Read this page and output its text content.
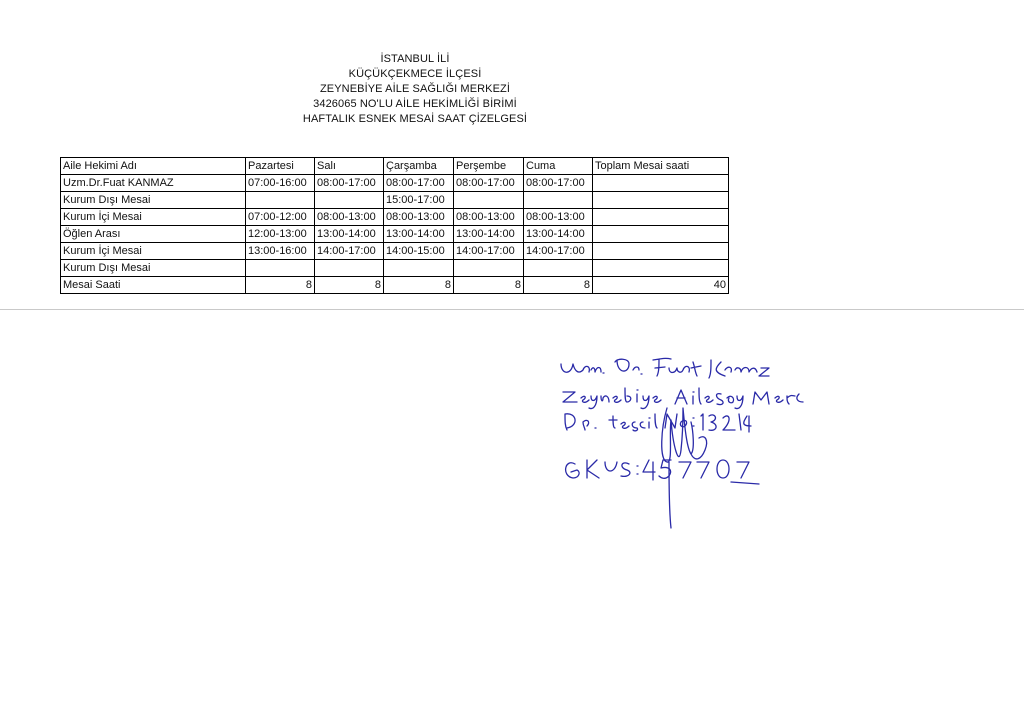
İSTANBUL İLİ
KÜÇÜKÇEKMECE İLÇESİ
ZEYNEBİYE AİLE SAĞLIĞI MERKEZİ
3426065 NO'LU AİLE HEKİMLİĞİ BİRİMİ
HAFTALIK ESNEK MESAİ SAAT ÇİZELGESİ
Aile Hekimi Adı	Pazartesi	Salı	Çarşamba	Perşembe	Cuma	Toplam Mesai saati
Uzm.Dr.Fuat KANMAZ	07:00-16:00	08:00-17:00	08:00-17:00	08:00-17:00	08:00-17:00	
Kurum Dışı Mesai			15:00-17:00			
Kurum İçi Mesai	07:00-12:00	08:00-13:00	08:00-13:00	08:00-13:00	08:00-13:00	
Öğlen Arası	12:00-13:00	13:00-14:00	13:00-14:00	13:00-14:00	13:00-14:00	
Kurum İçi Mesai	13:00-16:00	14:00-17:00	14:00-15:00	14:00-17:00	14:00-17:00	
Kurum Dışı Mesai						
Mesai Saati	8	8	8	8	8	40
